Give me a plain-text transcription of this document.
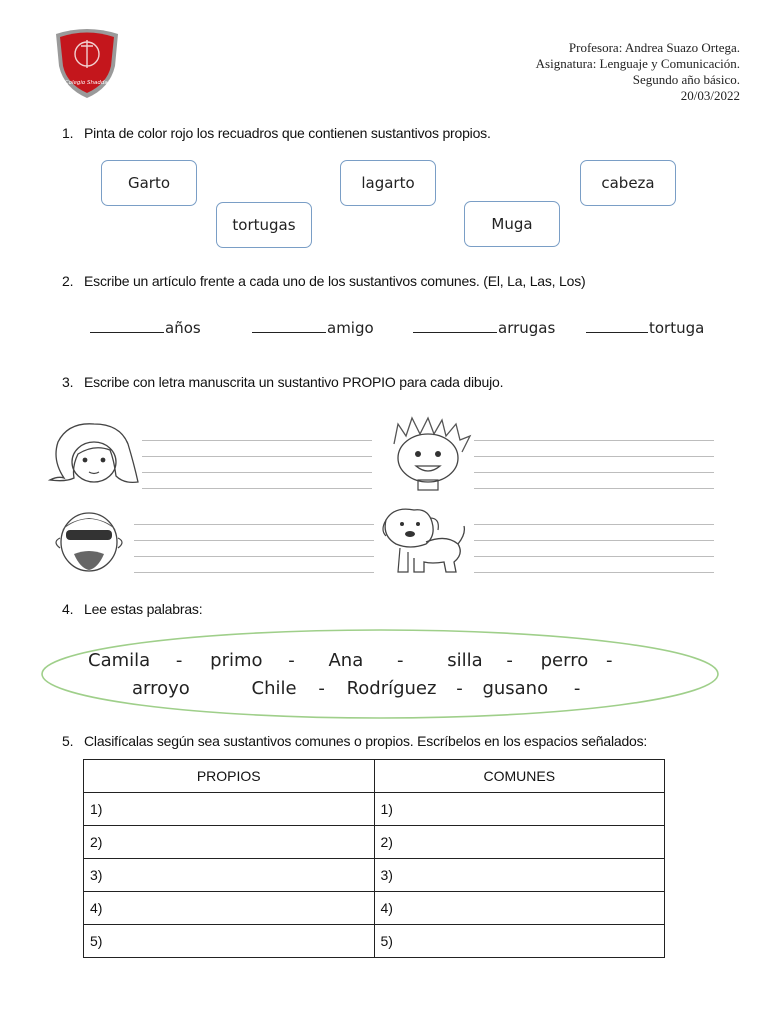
Colegio Shaddai
Profesora: Andrea Suazo Ortega.
Asignatura: Lenguaje y Comunicación.
Segundo año básico.
20/03/2022
1. Pinta de color rojo los recuadros que contienen sustantivos propios.
Garto	lagarto	cabeza
tortugas	Muga
2. Escribe un artículo frente a cada uno de los sustantivos comunes. (El, La, Las, Los)
años	amigo	arrugas	tortuga
3. Escribe con letra manuscrita un sustantivo PROPIO para cada dibujo.
4. Lee estas palabras:
Camila - primo - Ana - silla - perro -
arroyo	Chile - Rodríguez - gusano -
5. Clasifícalas según sea sustantivos comunes o propios. Escríbelos en los espacios señalados:
PROPIOS	COMUNES
1)	1)
2)	2)
3)	3)
4)	4)
5)	5)
